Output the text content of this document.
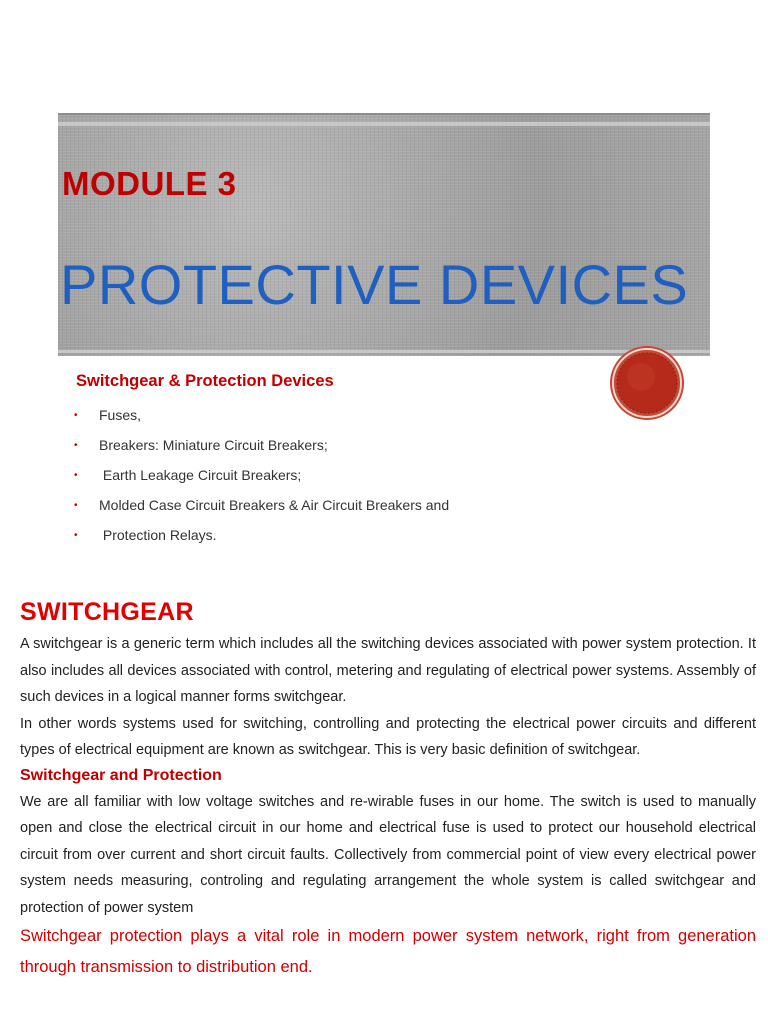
MODULE 3
PROTECTIVE DEVICES
Switchgear & Protection Devices
• Fuses,
• Breakers: Miniature Circuit Breakers;
• Earth Leakage Circuit Breakers;
• Molded Case Circuit Breakers & Air Circuit Breakers and
• Protection Relays.
SWITCHGEAR

A switchgear is a generic term which includes all the switching devices associated with power system protection. It also includes all devices associated with control, metering and regulating of electrical power systems. Assembly of such devices in a logical manner forms switchgear.

In other words systems used for switching, controlling and protecting the electrical power circuits and different types of electrical equipment are known as switchgear. This is very basic definition of switchgear.

Switchgear and Protection

We are all familiar with low voltage switches and re-wirable fuses in our home. The switch is used to manually open and close the electrical circuit in our home and electrical fuse is used to protect our household electrical circuit from over current and short circuit faults. Collectively from commercial point of view every electrical power system needs measuring, controling and regulating arrangement the whole system is called switchgear and protection of power system

Switchgear protection plays a vital role in modern power system network, right from generation through transmission to distribution end.
